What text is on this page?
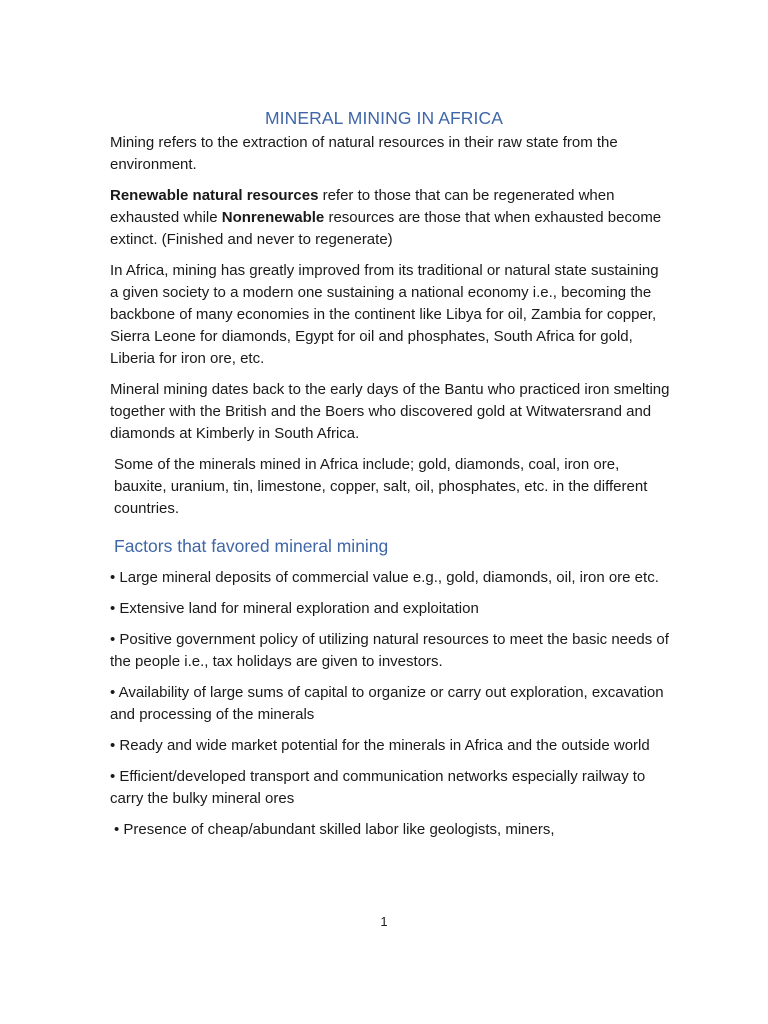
MINERAL MINING IN AFRICA

Mining refers to the extraction of natural resources in their raw state from the environment.

Renewable natural resources refer to those that can be regenerated when exhausted while Nonrenewable resources are those that when exhausted become extinct. (Finished and never to regenerate)

In Africa, mining has greatly improved from its traditional or natural state sustaining a given society to a modern one sustaining a national economy i.e., becoming the backbone of many economies in the continent like Libya for oil, Zambia for copper, Sierra Leone for diamonds, Egypt for oil and phosphates, South Africa for gold, Liberia for iron ore, etc.

Mineral mining dates back to the early days of the Bantu who practiced iron smelting together with the British and the Boers who discovered gold at Witwatersrand and diamonds at Kimberly in South Africa.

Some of the minerals mined in Africa include; gold, diamonds, coal, iron ore, bauxite, uranium, tin, limestone, copper, salt, oil, phosphates, etc. in the different countries.

Factors that favored mineral mining

• Large mineral deposits of commercial value e.g., gold, diamonds, oil, iron ore etc.

• Extensive land for mineral exploration and exploitation

• Positive government policy of utilizing natural resources to meet the basic needs of the people i.e., tax holidays are given to investors.

• Availability of large sums of capital to organize or carry out exploration, excavation and processing of the minerals

• Ready and wide market potential for the minerals in Africa and the outside world

• Efficient/developed transport and communication networks especially railway to carry the bulky mineral ores

• Presence of cheap/abundant skilled labor like geologists, miners,

1
